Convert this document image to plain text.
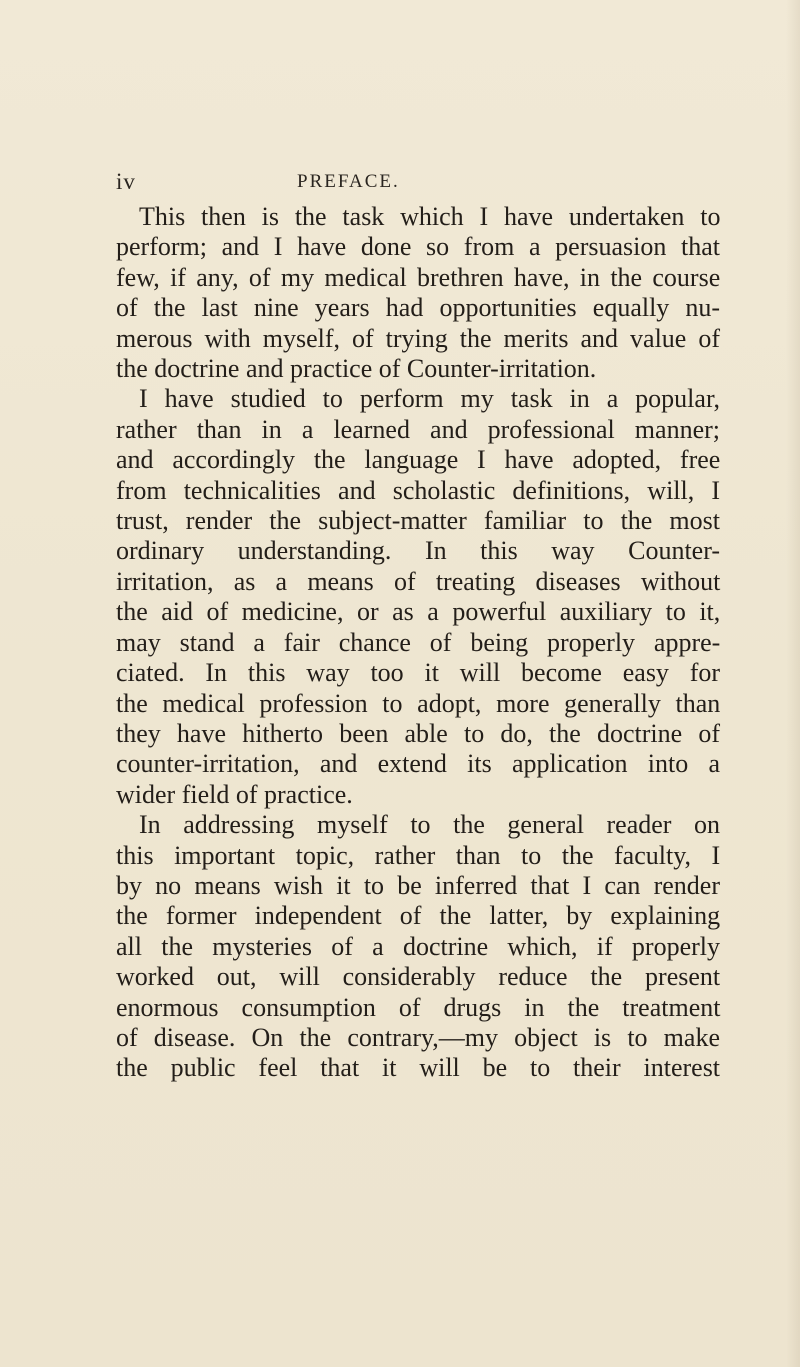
iv	PREFACE.
This then is the task which I have undertaken to
perform; and I have done so from a persuasion that
few, if any, of my medical brethren have, in the course
of the last nine years had opportunities equally nu-
merous with myself, of trying the merits and value of
the doctrine and practice of Counter-irritation.
I have studied to perform my task in a popular,
rather than in a learned and professional manner;
and accordingly the language I have adopted, free
from technicalities and scholastic definitions, will, I
trust, render the subject-matter familiar to the most
ordinary understanding. In this way Counter-
irritation, as a means of treating diseases without
the aid of medicine, or as a powerful auxiliary to it,
may stand a fair chance of being properly appre-
ciated. In this way too it will become easy for
the medical profession to adopt, more generally than
they have hitherto been able to do, the doctrine of
counter-irritation, and extend its application into a
wider field of practice.
In addressing myself to the general reader on
this important topic, rather than to the faculty, I
by no means wish it to be inferred that I can render
the former independent of the latter, by explaining
all the mysteries of a doctrine which, if properly
worked out, will considerably reduce the present
enormous consumption of drugs in the treatment
of disease. On the contrary,—my object is to make
the public feel that it will be to their interest
